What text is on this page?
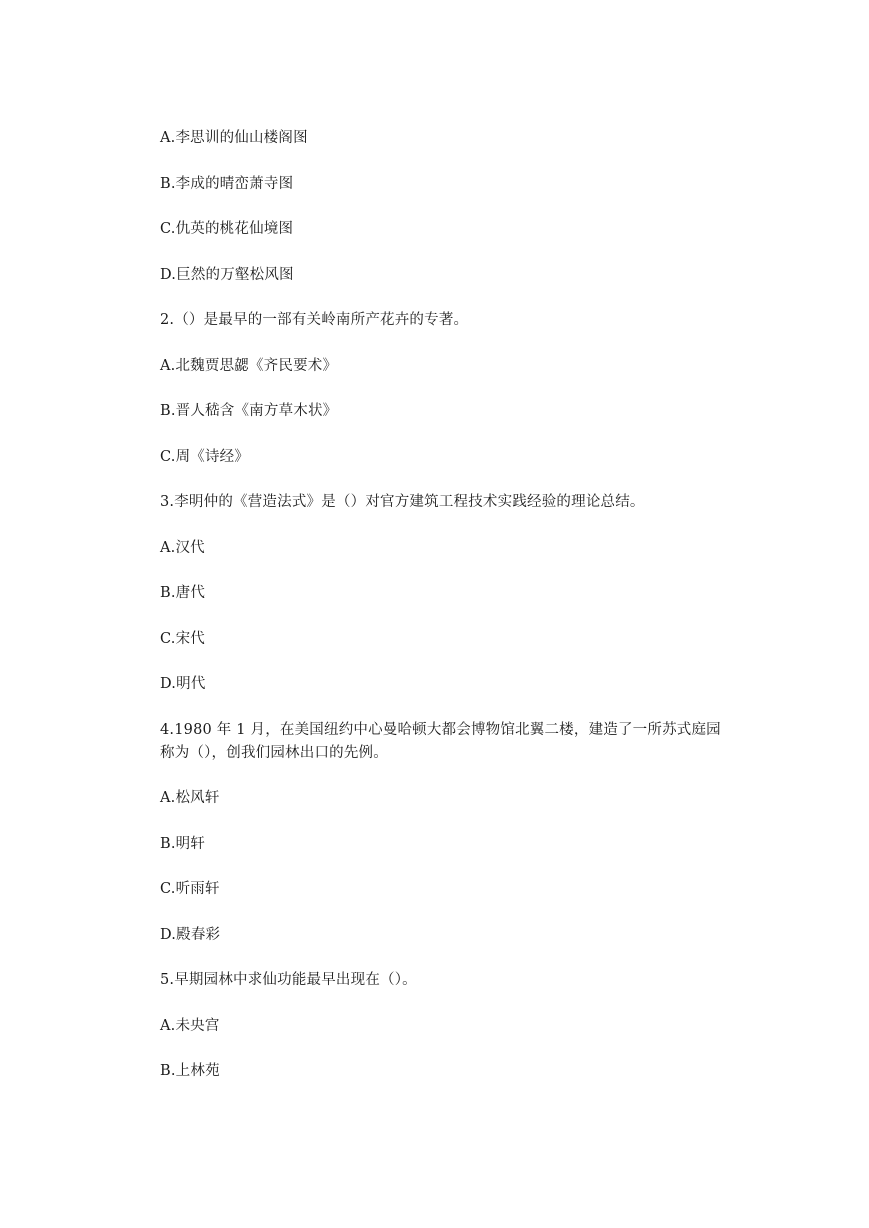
A.李思训的仙山楼阁图
B.李成的晴峦萧寺图
C.仇英的桃花仙境图
D.巨然的万壑松风图
2.（）是最早的一部有关岭南所产花卉的专著。
A.北魏贾思勰《齐民要术》
B.晋人嵇含《南方草木状》
C.周《诗经》
3.李明仲的《营造法式》是（）对官方建筑工程技术实践经验的理论总结。
A.汉代
B.唐代
C.宋代
D.明代
4.1980 年 1 月，在美国纽约中心曼哈顿大都会博物馆北翼二楼，建造了一所苏式庭园
称为（），创我们园林出口的先例。
A.松风轩
B.明轩
C.听雨轩
D.殿春彩
5.早期园林中求仙功能最早出现在（）。
A.未央宫
B.上林苑
